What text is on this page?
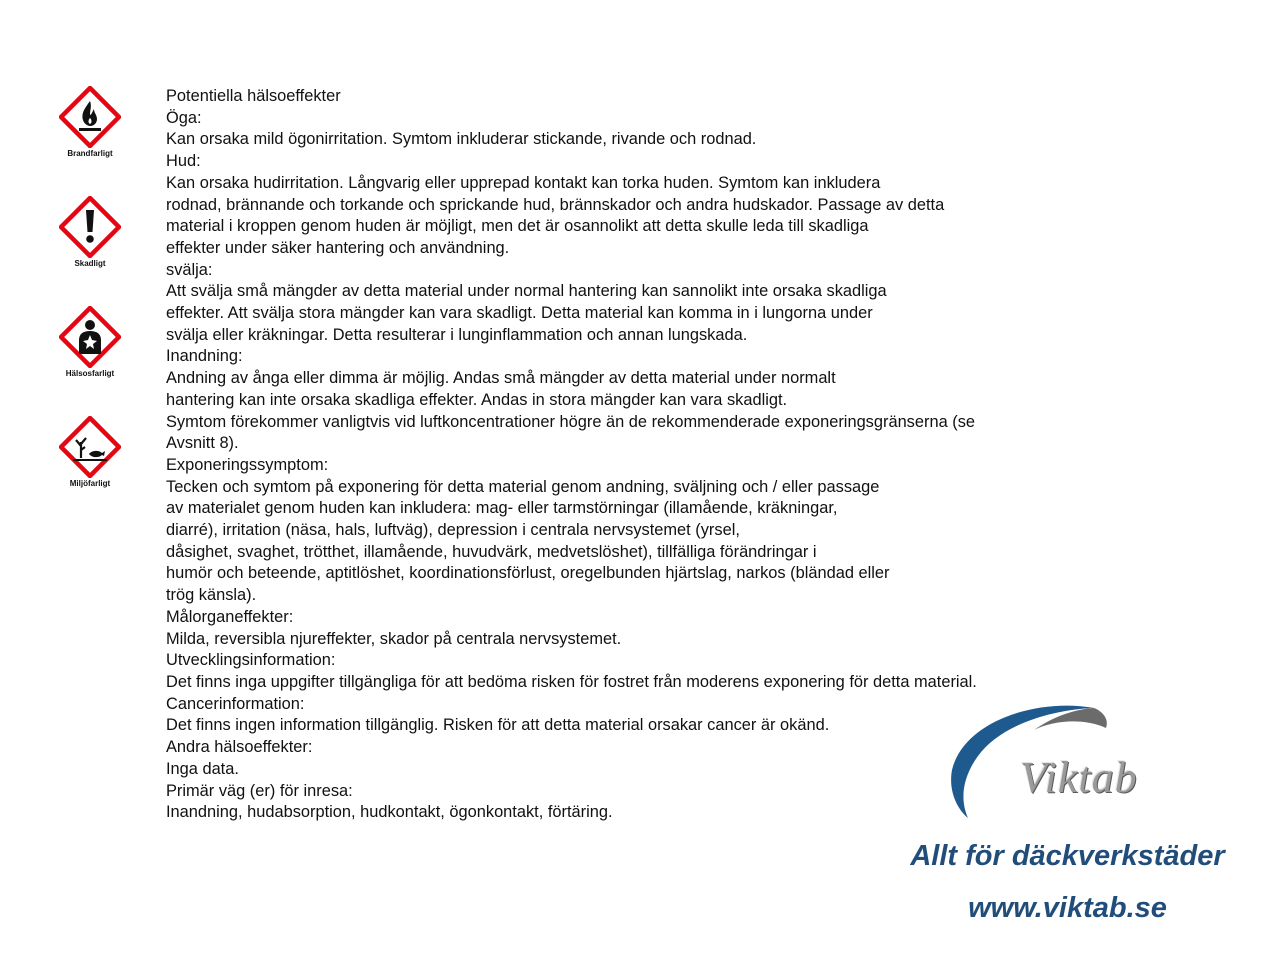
Brandfarligt
Skadligt
Hälsosfarligt
Miljöfarligt
Potentiella hälsoeffekter
Öga:
Kan orsaka mild ögonirritation. Symtom inkluderar stickande, rivande och rodnad.
Hud:
Kan orsaka hudirritation. Långvarig eller upprepad kontakt kan torka huden. Symtom kan inkludera
rodnad, brännande och torkande och sprickande hud, brännskador och andra hudskador. Passage av detta
material i kroppen genom huden är möjligt, men det är osannolikt att detta skulle leda till skadliga
effekter under säker hantering och användning.
svälja:
Att svälja små mängder av detta material under normal hantering kan sannolikt inte orsaka skadliga
effekter. Att svälja stora mängder kan vara skadligt. Detta material kan komma in i lungorna under
svälja eller kräkningar. Detta resulterar i lunginflammation och annan lungskada.
Inandning:
Andning av ånga eller dimma är möjlig. Andas små mängder av detta material under normalt
hantering kan inte orsaka skadliga effekter. Andas in stora mängder kan vara skadligt.
Symtom förekommer vanligtvis vid luftkoncentrationer högre än de rekommenderade exponeringsgränserna (se
Avsnitt 8).
Exponeringssymptom:
Tecken och symtom på exponering för detta material genom andning, sväljning och / eller passage
av materialet genom huden kan inkludera: mag- eller tarmstörningar (illamående, kräkningar,
diarré), irritation (näsa, hals, luftväg), depression i centrala nervsystemet (yrsel,
dåsighet, svaghet, trötthet, illamående, huvudvärk, medvetslöshet), tillfälliga förändringar i
humör och beteende, aptitlöshet, koordinationsförlust, oregelbunden hjärtslag, narkos (bländad eller
trög känsla).
Målorganeffekter:
Milda, reversibla njureffekter, skador på centrala nervsystemet.
Utvecklingsinformation:
Det finns inga uppgifter tillgängliga för att bedöma risken för fostret från moderens exponering för detta material.
Cancerinformation:
Det finns ingen information tillgänglig. Risken för att detta material orsakar cancer är okänd.
Andra hälsoeffekter:
Inga data.
Primär väg (er) för inresa:
Inandning, hudabsorption, hudkontakt, ögonkontakt, förtäring.
Viktab
Allt för däckverkstäder
www.viktab.se
